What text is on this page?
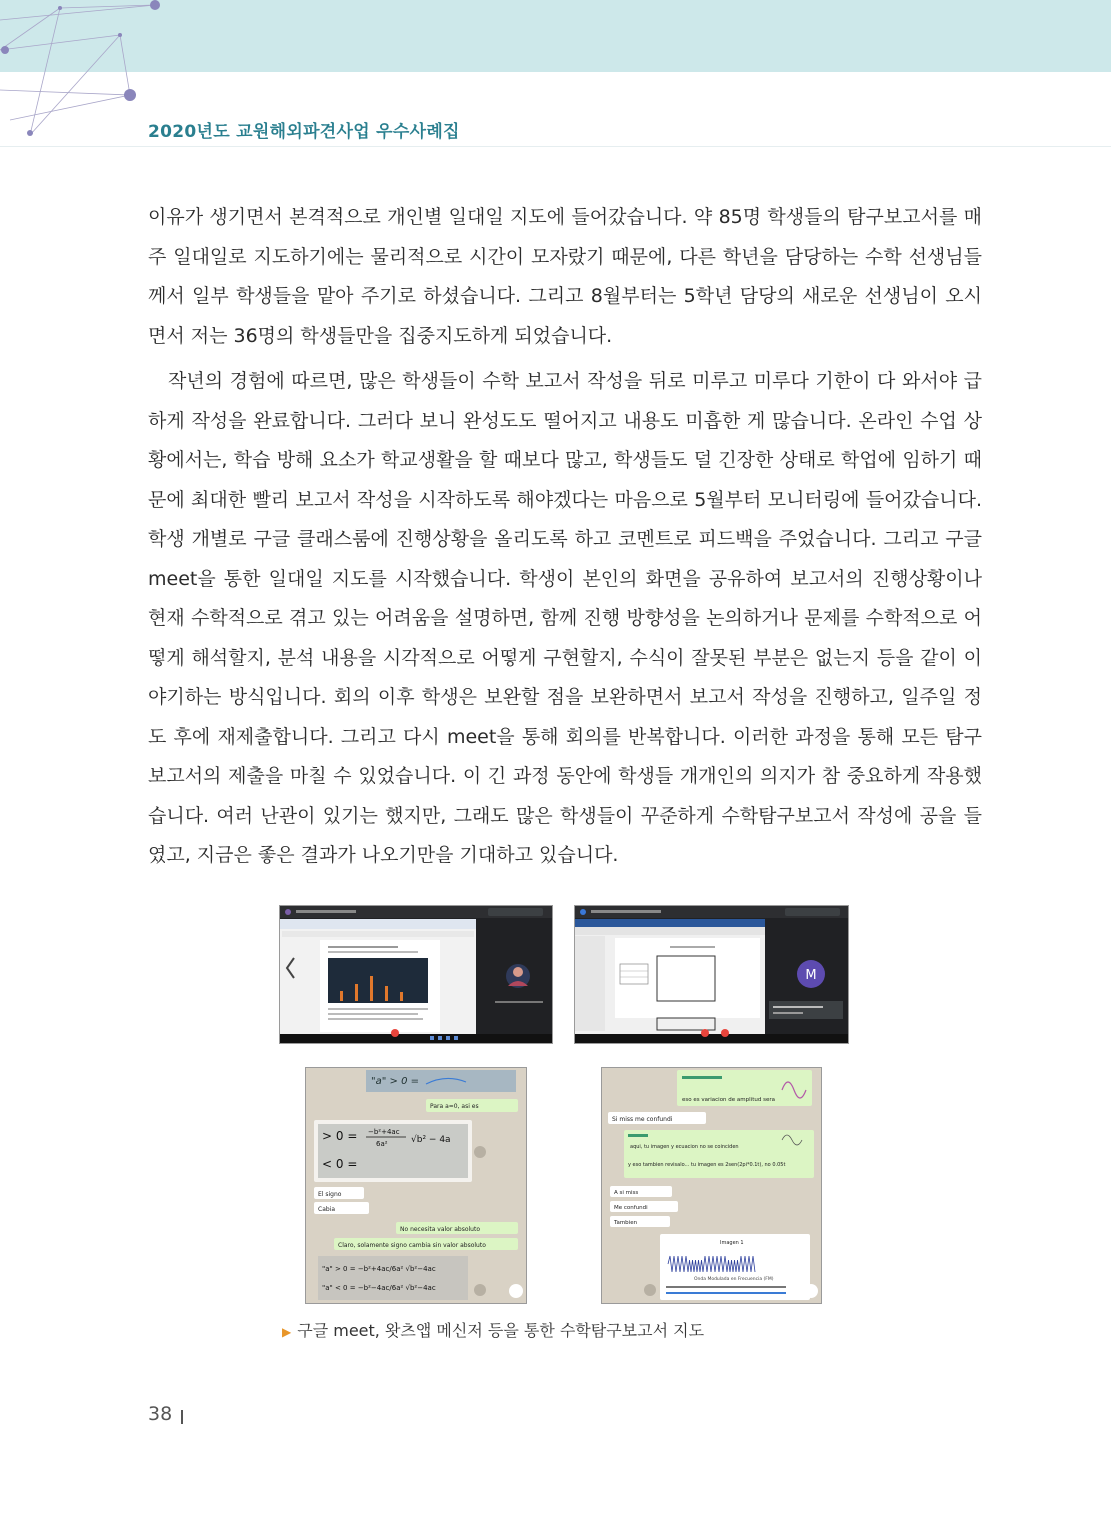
2020년도 교원해외파견사업 우수사례집

이유가 생기면서 본격적으로 개인별 일대일 지도에 들어갔습니다. 약 85명 학생들의 탐구보고서를 매주 일대일로 지도하기에는 물리적으로 시간이 모자랐기 때문에, 다른 학년을 담당하는 수학 선생님들께서 일부 학생들을 맡아 주기로 하셨습니다. 그리고 8월부터는 5학년 담당의 새로운 선생님이 오시면서 저는 36명의 학생들만을 집중지도하게 되었습니다.

작년의 경험에 따르면, 많은 학생들이 수학 보고서 작성을 뒤로 미루고 미루다 기한이 다 와서야 급하게 작성을 완료합니다. 그러다 보니 완성도도 떨어지고 내용도 미흡한 게 많습니다. 온라인 수업 상황에서는, 학습 방해 요소가 학교생활을 할 때보다 많고, 학생들도 덜 긴장한 상태로 학업에 임하기 때문에 최대한 빨리 보고서 작성을 시작하도록 해야겠다는 마음으로 5월부터 모니터링에 들어갔습니다. 학생 개별로 구글 클래스룸에 진행상황을 올리도록 하고 코멘트로 피드백을 주었습니다. 그리고 구글 meet을 통한 일대일 지도를 시작했습니다. 학생이 본인의 화면을 공유하여 보고서의 진행상황이나 현재 수학적으로 겪고 있는 어려움을 설명하면, 함께 진행 방향성을 논의하거나 문제를 수학적으로 어떻게 해석할지, 분석 내용을 시각적으로 어떻게 구현할지, 수식이 잘못된 부분은 없는지 등을 같이 이야기하는 방식입니다. 회의 이후 학생은 보완할 점을 보완하면서 보고서 작성을 진행하고, 일주일 정도 후에 재제출합니다. 그리고 다시 meet을 통해 회의를 반복합니다. 이러한 과정을 통해 모든 탐구보고서의 제출을 마칠 수 있었습니다. 이 긴 과정 동안에 학생들 개개인의 의지가 참 중요하게 작용했습니다. 여러 난관이 있기는 했지만, 그래도 많은 학생들이 꾸준하게 수학탐구보고서 작성에 공을 들였고, 지금은 좋은 결과가 나오기만을 기대하고 있습니다.

M
"a" > 0 =
Para a=0, asi es
> 0 = −b²+4ac
6a²	√b² − 4a
< 0 =
El signo
Cabia
No necesita valor absoluto
Claro, solamente signo cambia sin valor absoluto
"a" > 0 = −b²+4ac/6a² √b²−4ac
"a" < 0 = −b²−4ac/6a² √b²−4ac
eso es variacion de amplitud sera
Si miss me confundi
aqui, tu imagen y ecuacion no se coinciden
y eso tambien revisalo... tu imagen es 2sen(2pi*0.1t), no 0.05t
A si miss
Me confundi
Tambien
Imagen 1
Onda Modulada en Frecuencia (FM)
▶ 구글 meet, 왓츠앱 메신저 등을 통한 수학탐구보고서 지도
38
